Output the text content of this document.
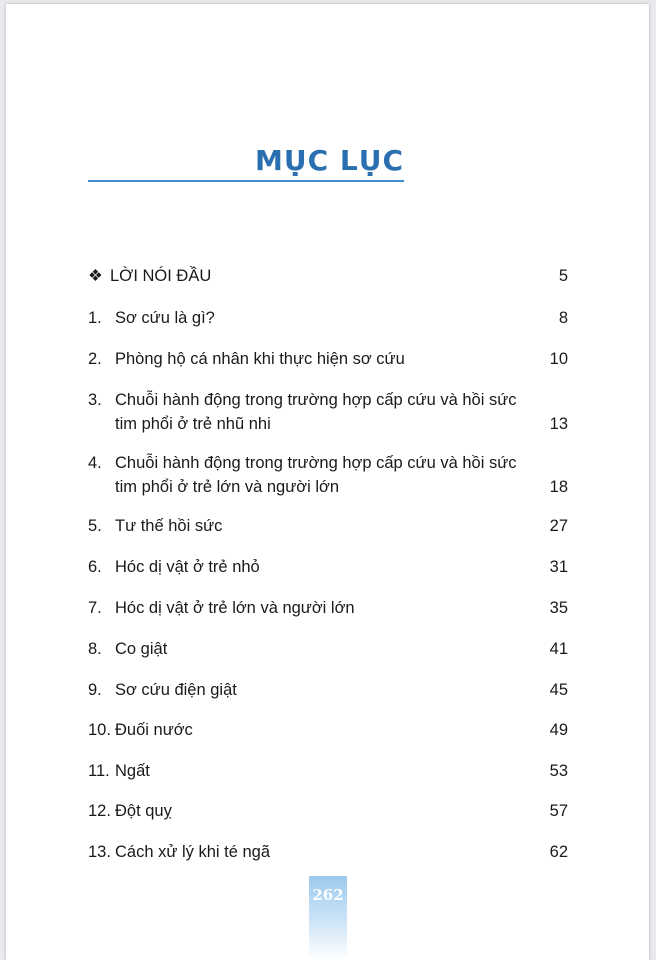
MỤC LỤC
❖ LỜI NÓI ĐẦU	5
1. Sơ cứu là gì?	8
2. Phòng hộ cá nhân khi thực hiện sơ cứu	10
3. Chuỗi hành động trong trường hợp cấp cứu và hồi sức
tim phổi ở trẻ nhũ nhi	13
4. Chuỗi hành động trong trường hợp cấp cứu và hồi sức
tim phổi ở trẻ lớn và người lớn	18
5. Tư thế hồi sức	27
6. Hóc dị vật ở trẻ nhỏ	31
7. Hóc dị vật ở trẻ lớn và người lớn	35
8. Co giật	41
9. Sơ cứu điện giật	45
10. Đuối nước	49
11. Ngất	53
12. Đột quỵ	57
13. Cách xử lý khi té ngã	62
262
